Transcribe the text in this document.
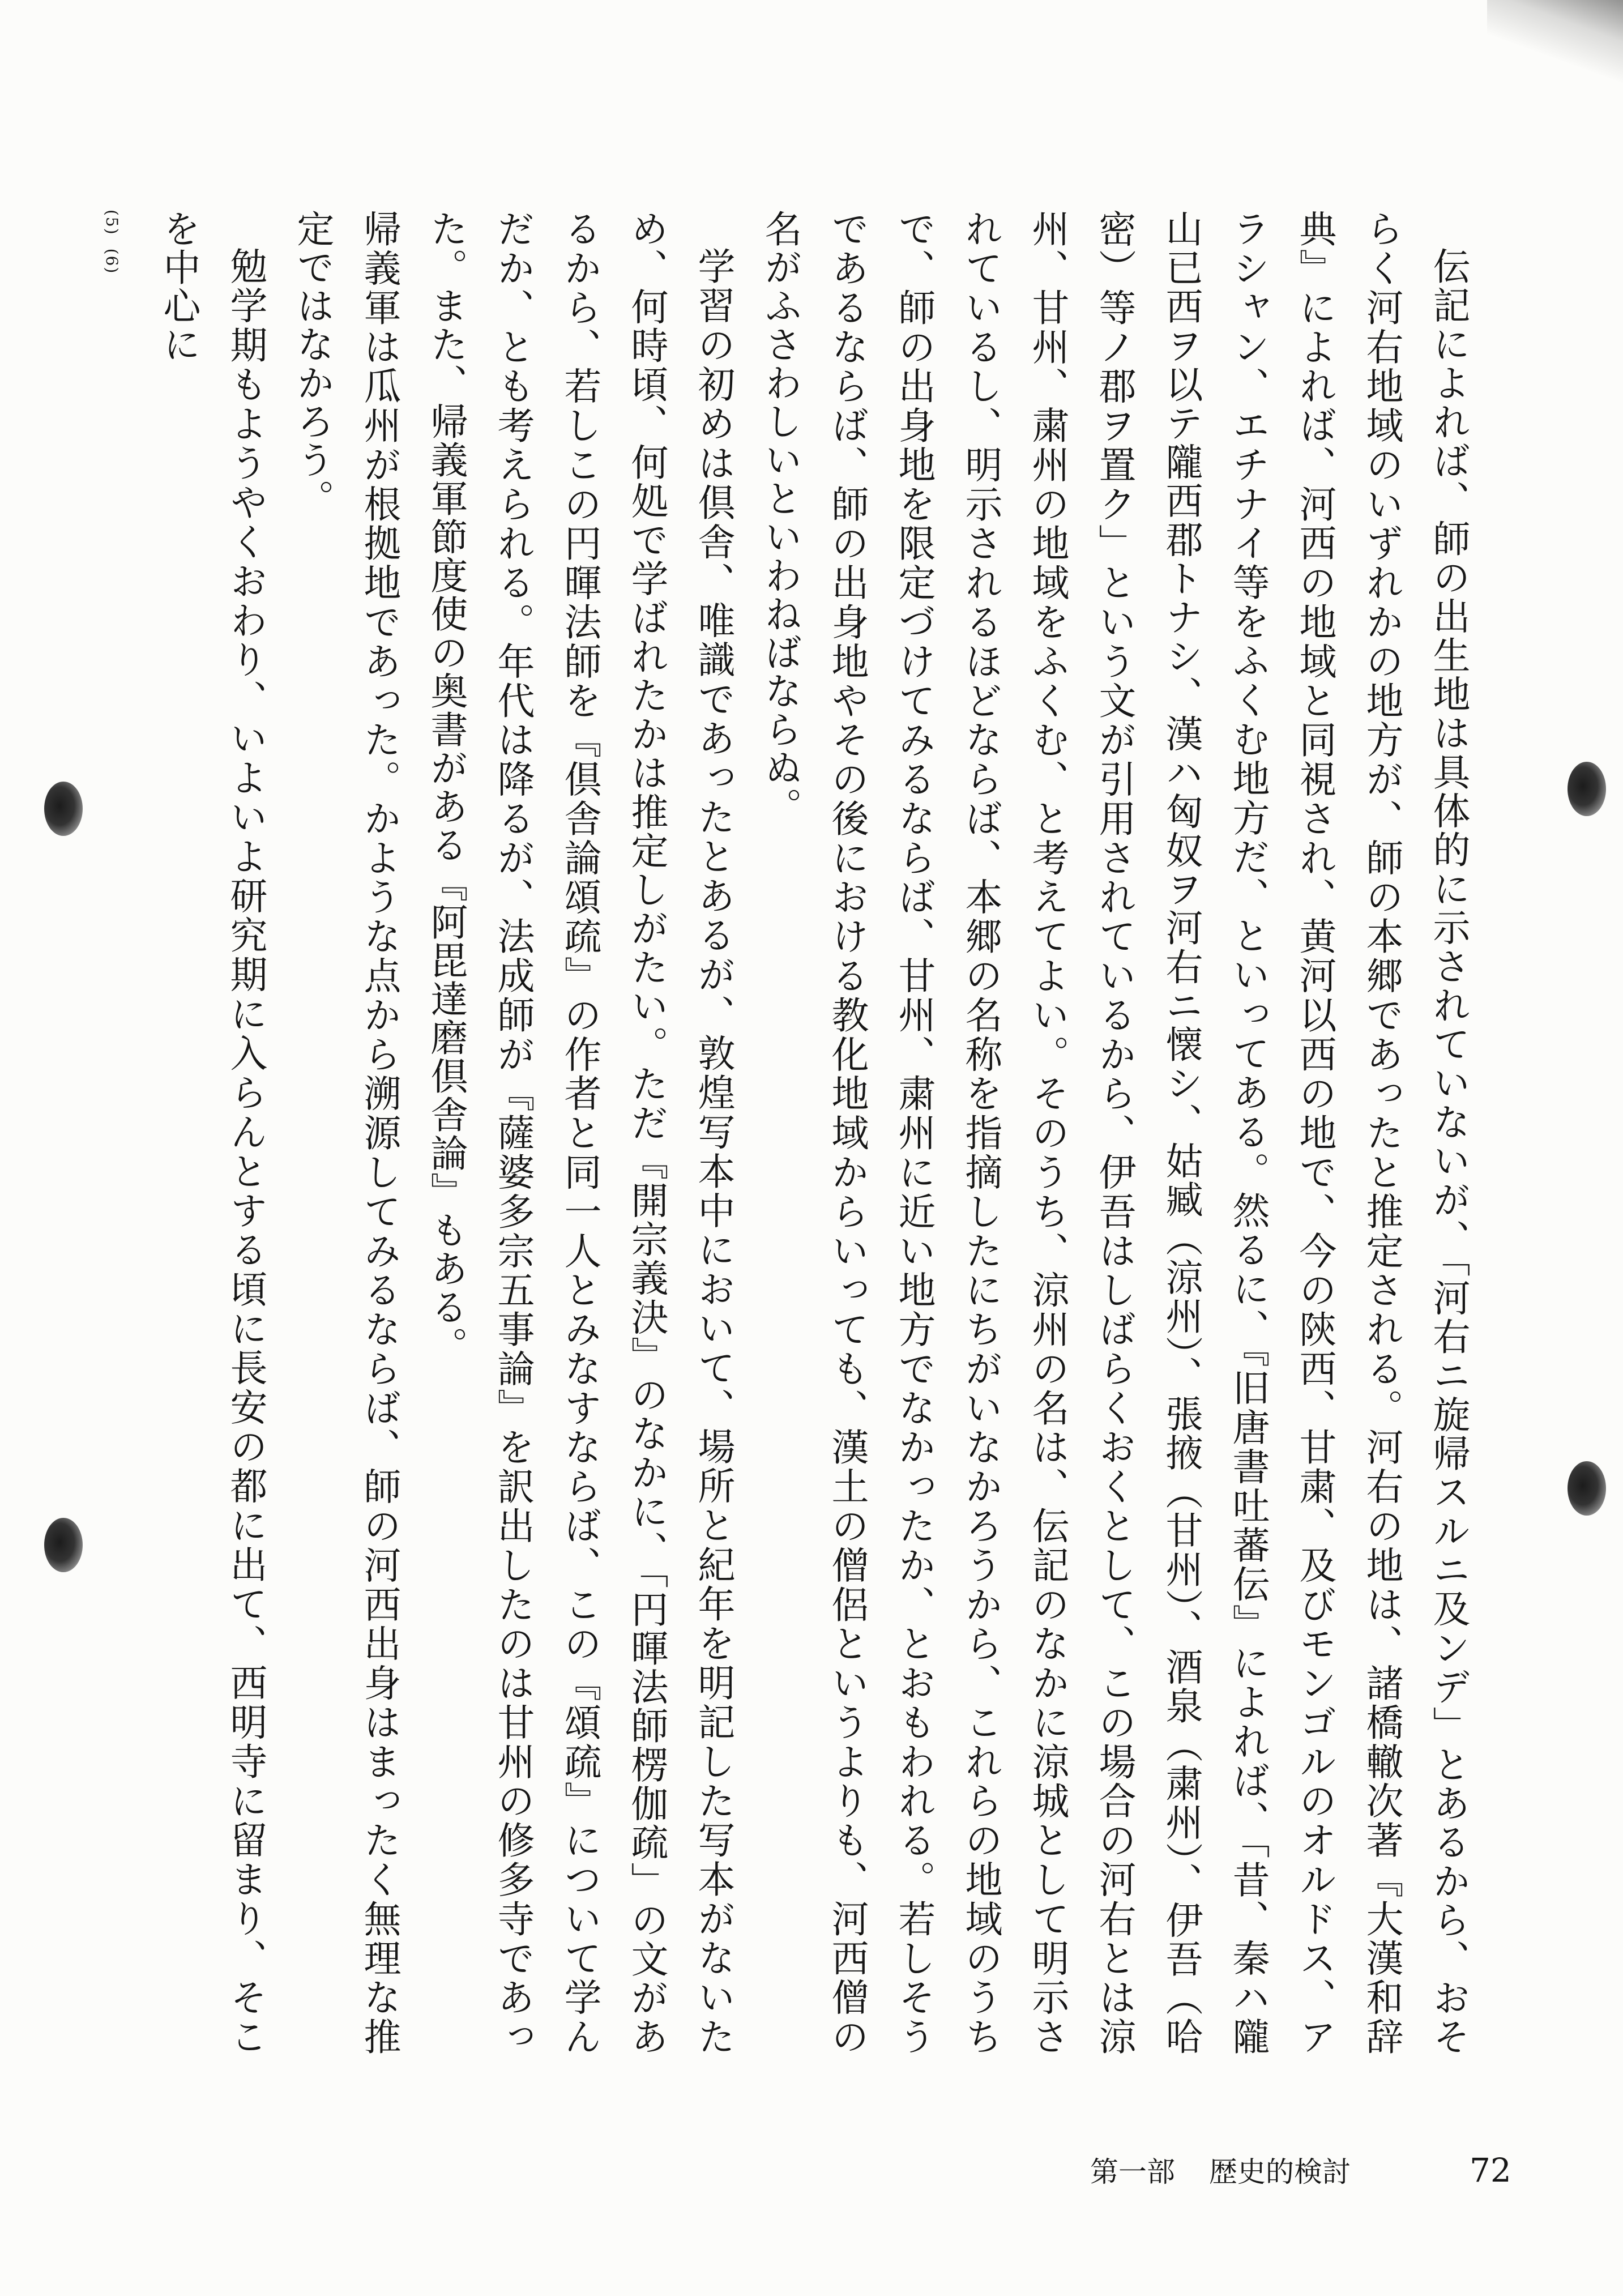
伝記によれば、師の出生地は具体的に示されていないが、「河右ニ旋帰スルニ及ンデ」とあるから、おそらく河右地域のいずれかの地方が、師の本郷であったと推定される。河右の地は、諸橋轍次著『大漢和辞典』によれば、河西の地域と同視され、黄河以西の地で、今の陝西、甘粛、及びモンゴルのオルドス、アラシャン、エチナイ等をふくむ地方だ、といってある。然るに、『旧唐書吐蕃伝』によれば、「昔、秦ハ隴山已西ヲ以テ隴西郡トナシ、漢ハ匈奴ヲ河右ニ懐シ、姑臧（涼州）、張掖（甘州）、酒泉（粛州）、伊吾（哈密）等ノ郡ヲ置ク」という文が引用されているから、伊吾はしばらくおくとして、この場合の河右とは涼州、甘州、粛州の地域をふくむ、と考えてよい。そのうち、涼州の名は、伝記のなかに涼城として明示されているし、明示されるほどならば、本郷の名称を指摘したにちがいなかろうから、これらの地域のうちで、師の出身地を限定づけてみるならば、甘州、粛州に近い地方でなかったか、とおもわれる。若しそうであるならば、師の出身地やその後における教化地域からいっても、漢土の僧侶というよりも、河西僧の名がふさわしいといわねばならぬ。

学習の初めは倶舎、唯識であったとあるが、敦煌写本中において、場所と紀年を明記した写本がないため、何時頃、何処で学ばれたかは推定しがたい。ただ『開宗義決』のなかに、「円暉法師楞伽疏」の文があるから、若しこの円暉法師を『倶舎論頌疏』の作者と同一人とみなすならば、この『頌疏』について学んだか、とも考えられる。年代は降るが、法成師が『薩婆多宗五事論』を訳出したのは甘州の修多寺であった。また、帰義軍節度使の奥書がある『阿毘達磨倶舎論』もある。

帰義軍は瓜州が根拠地であった。かような点から溯源してみるならば、師の河西出身はまったく無理な推定ではなかろう。

勉学期もようやくおわり、いよいよ研究期に入らんとする頃に長安の都に出て、西明寺に留まり、そこを中心に

(5) (6)
第一部 歴史的検討	72
